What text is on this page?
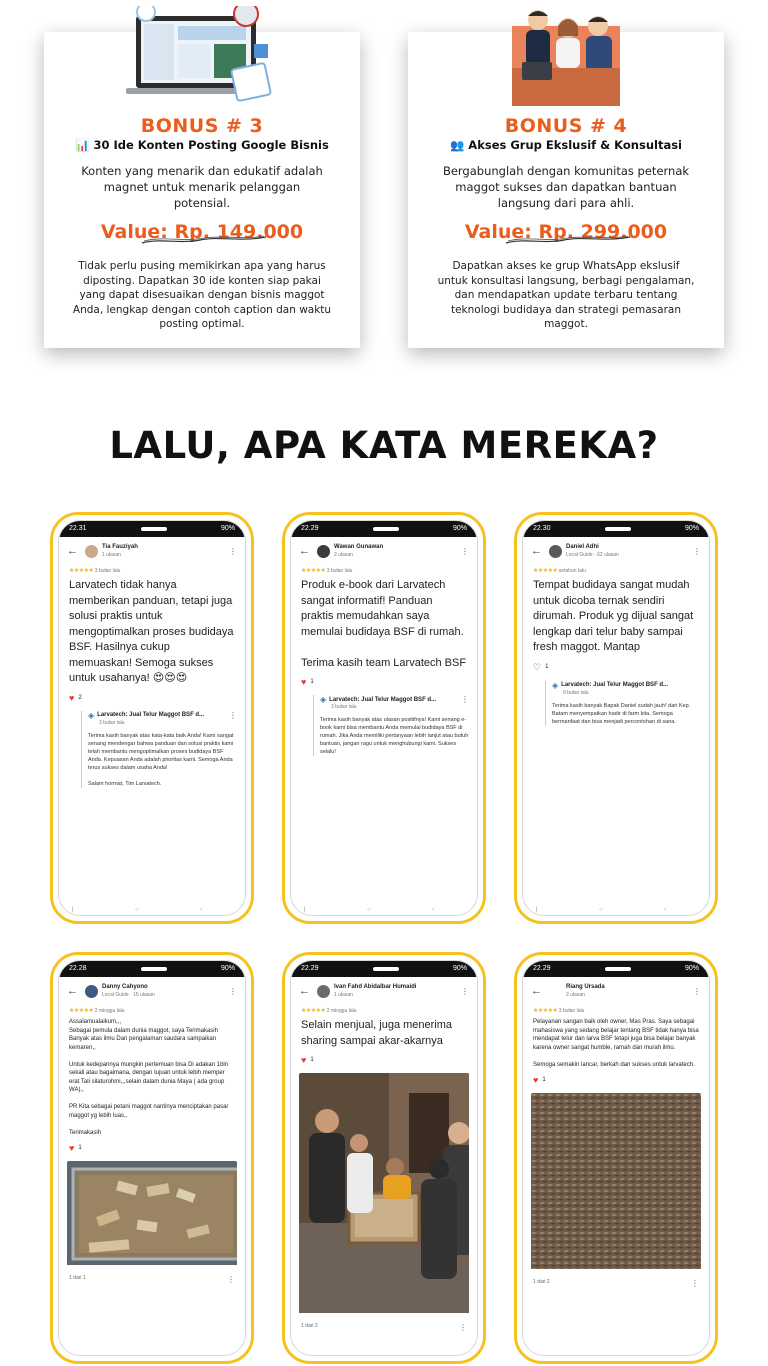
BONUS # 3
📊 30 Ide Konten Posting Google Bisnis
Konten yang menarik dan edukatif adalah magnet untuk menarik pelanggan potensial.
Value: Rp. 149.000
Tidak perlu pusing memikirkan apa yang harus diposting. Dapatkan 30 ide konten siap pakai yang dapat disesuaikan dengan bisnis maggot Anda, lengkap dengan contoh caption dan waktu posting optimal.
BONUS # 4
👥 Akses Grup Ekslusif & Konsultasi
Bergabunglah dengan komunitas peternak maggot sukses dan dapatkan bantuan langsung dari para ahli.
Value: Rp. 299.000
Dapatkan akses ke grup WhatsApp ekslusif untuk konsultasi langsung, berbagi pengalaman, dan mendapatkan update terbaru tentang teknologi budidaya dan strategi pemasaran maggot.
LALU, APA KATA MEREKA?
22.31	90%
←	Tia Fauziyah
1 ulasan	⋮
★★★★★ 3 bulan lalu
Larvatech tidak hanya memberikan panduan, tetapi juga solusi praktis untuk mengoptimalkan proses budidaya BSF. Hasilnya cukup memuaskan! Semoga sukses untuk usahanya! 😍😍😍
♥ 2
◈ Larvatech: Jual Telur Maggot BSF d...	⋮
3 bulan lalu
Terima kasih banyak atas kata-kata baik Anda! Kami sangat senang mendengar bahwa panduan dan solusi praktis kami telah membantu mengoptimalkan proses budidaya BSF Anda. Kepuasan Anda adalah prioritas kami. Semoga Anda terus sukses dalam usaha Anda!

Salam hormat, Tim Larvatech.
| ○ ‹
22.29	90%
←	Wawan Gunawan
2 ulasan	⋮
★★★★★ 3 bulan lalu
Produk e-book dari Larvatech sangat informatif! Panduan praktis memudahkan saya memulai budidaya BSF di rumah.

Terima kasih team Larvatech BSF
♥ 1
◈ Larvatech: Jual Telur Maggot BSF d...	⋮
3 bulan lalu
Terima kasih banyak atas ulasan positifnya! Kami senang e-book kami bisa membantu Anda memulai budidaya BSF di rumah. Jika Anda memiliki pertanyaan lebih lanjut atau butuh bantuan, jangan ragu untuk menghubungi kami. Sukses selalu!
| ○ ‹
22.30	90%
←	Daniel Adhi
Local Guide · 62 ulasan	⋮
★★★★★ setahun lalu
Tempat budidaya sangat mudah untuk dicoba ternak sendiri dirumah. Produk yg dijual sangat lengkap dari telur baby sampai fresh maggot. Mantap
♡ 1
◈ Larvatech: Jual Telur Maggot BSF d...
9 bulan lalu
Terima kasih banyak Bapak Daniel sudah jauh² dari Kep. Batam menyempatkan hadir di farm kita. Semoga bermanfaat dan bisa menjadi percontohan di sana.
| ○ ‹
22.28	90%
←	Danny Cahyono
Local Guide · 15 ulasan	⋮
★★★★★ 2 minggu lalu
Assalamualaikum,,,
Sebagai pemula dalam dunia maggot, saya Terimakasih Banyak atas ilmu Dan pengalaman saudara sampaikan kemaren,,

Untuk kedepannya mungkin pertemuan bisa Di adakan 1bln sekali atau bagaimana, dengan tujuan untuk lebih memper erat Tali silaturohmi,,,selain dalam dunia Maya ( ada group WA),,

PR Kita sebagai petani maggot nantinya menciptakan pasar maggot yg lebih luas,,

Terimakasih
♥ 1
1 dari 1	⋮
22.29	90%
←	Ivan Fahd Abidalbar Humaidi
1 ulasan	⋮
★★★★★ 2 minggu lalu
Selain menjual, juga menerima sharing sampai akar-akarnya
♥ 1
1 dari 2	⋮
22.29	90%
←	Riang Ursada
2 ulasan	⋮
★★★★★ 3 bulan lalu
Pelayanan sangan baik oleh owner, Mas Pras. Saya sebagai mahasiswa yang sedang belajar tentang BSF tidak hanya bisa mendapat telur dan larva BSF tetapi juga bisa belajar banyak karena owner sangat humble, ramah dan murah ilmu.

Semoga semakin lancar, berkah dan sukses untuk larvatech.
♥ 1
1 dari 2	⋮
